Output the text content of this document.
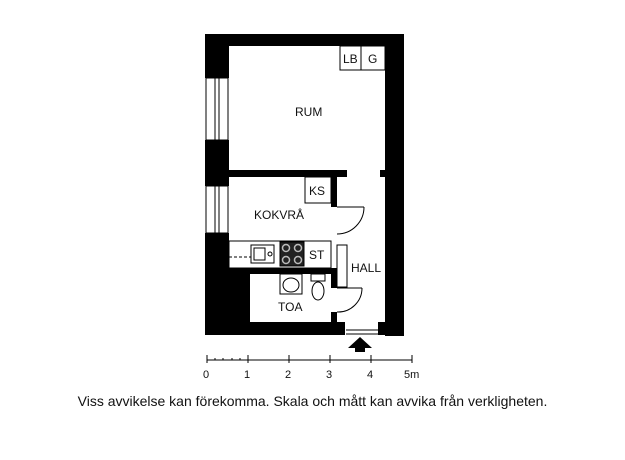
RUM
KOKVRÅ
HALL
TOA
LB G
KS
ST
0	1	2	3	4	5m
Viss avvikelse kan förekomma. Skala och mått kan avvika från verkligheten.
